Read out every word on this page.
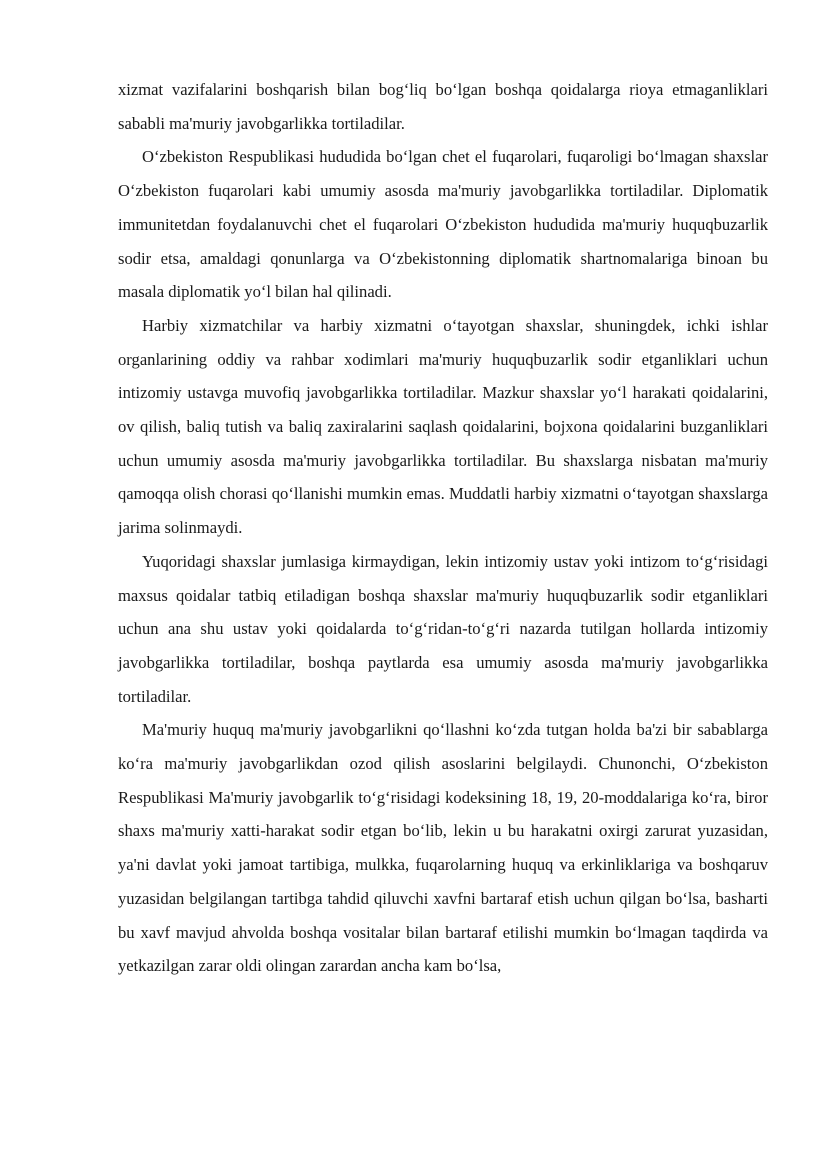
xizmat vazifalarini boshqarish bilan bog‘liq bo‘lgan boshqa qoidalarga rioya etmaganliklari sababli ma'muriy javobgarlikka tortiladilar.

O‘zbekiston Respublikasi hududida bo‘lgan chet el fuqarolari, fuqaroligi bo‘lmagan shaxslar O‘zbekiston fuqarolari kabi umumiy asosda ma'muriy javobgarlikka tortiladilar. Diplomatik immunitetdan foydalanuvchi chet el fuqarolari O‘zbekiston hududida ma'muriy huquqbuzarlik sodir etsa, amaldagi qonunlarga va O‘zbekistonning diplomatik shartnomalariga binoan bu masala diplomatik yo‘l bilan hal qilinadi.

Harbiy xizmatchilar va harbiy xizmatni o‘tayotgan shaxslar, shuningdek, ichki ishlar organlarining oddiy va rahbar xodimlari ma'muriy huquqbuzarlik sodir etganliklari uchun intizomiy ustavga muvofiq javobgarlikka tortiladilar. Mazkur shaxslar yo‘l harakati qoidalarini, ov qilish, baliq tutish va baliq zaxiralarini saqlash qoidalarini, bojxona qoidalarini buzganliklari uchun umumiy asosda ma'muriy javobgarlikka tortiladilar. Bu shaxslarga nisbatan ma'muriy qamoqqa olish chorasi qo‘llanishi mumkin emas. Muddatli harbiy xizmatni o‘tayotgan shaxslarga jarima solinmaydi.

Yuqoridagi shaxslar jumlasiga kirmaydigan, lekin intizomiy ustav yoki intizom to‘g‘risidagi maxsus qoidalar tatbiq etiladigan boshqa shaxslar ma'muriy huquqbuzarlik sodir etganliklari uchun ana shu ustav yoki qoidalarda to‘g‘ridan-to‘g‘ri nazarda tutilgan hollarda intizomiy javobgarlikka tortiladilar, boshqa paytlarda esa umumiy asosda ma'muriy javobgarlikka tortiladilar.

Ma'muriy huquq ma'muriy javobgarlikni qo‘llashni ko‘zda tutgan holda ba'zi bir sabablarga ko‘ra ma'muriy javobgarlikdan ozod qilish asoslarini belgilaydi. Chunonchi, O‘zbekiston Respublikasi Ma'muriy javobgarlik to‘g‘risidagi kodeksining 18, 19, 20-moddalariga ko‘ra, biror shaxs ma'muriy xatti-harakat sodir etgan bo‘lib, lekin u bu harakatni oxirgi zarurat yuzasidan, ya'ni davlat yoki jamoat tartibiga, mulkka, fuqarolarning huquq va erkinliklariga va boshqaruv yuzasidan belgilangan tartibga tahdid qiluvchi xavfni bartaraf etish uchun qilgan bo‘lsa, basharti bu xavf mavjud ahvolda boshqa vositalar bilan bartaraf etilishi mumkin bo‘lmagan taqdirda va yetkazilgan zarar oldi olingan zarardan ancha kam bo‘lsa,
